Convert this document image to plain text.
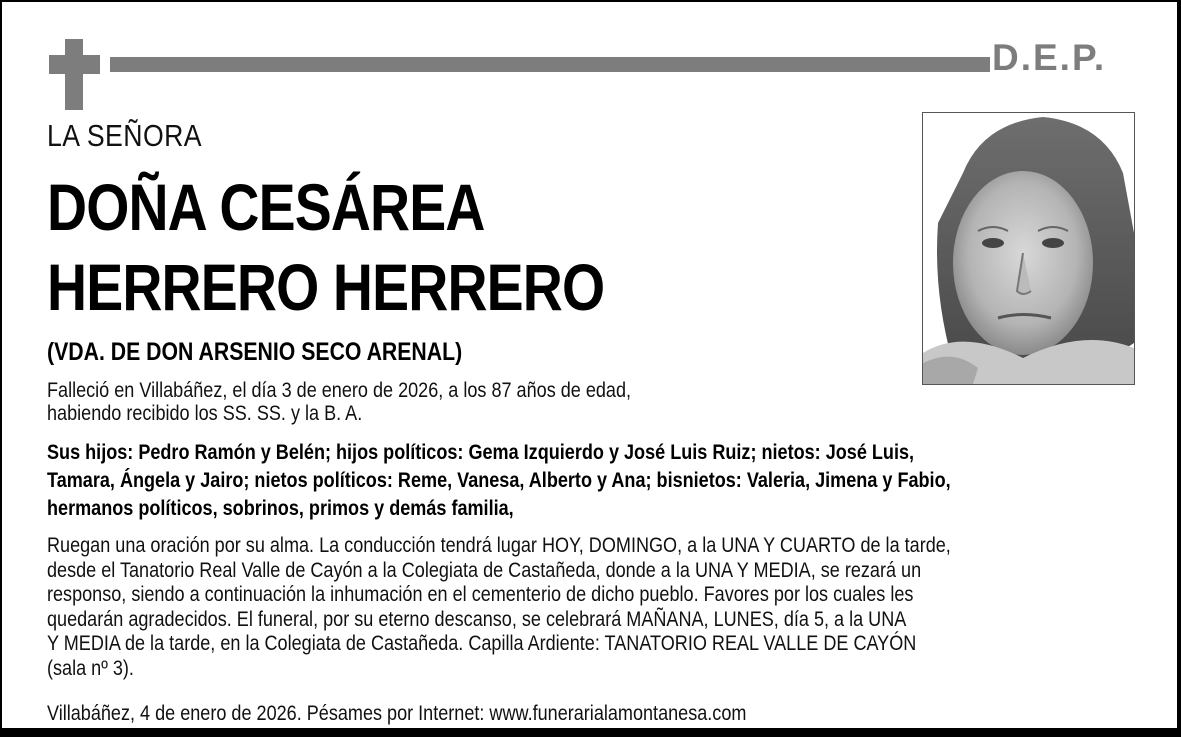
D.E.P.
LA SEÑORA
DOÑA CESÁREA
HERRERO HERRERO
(VDA. DE DON ARSENIO SECO ARENAL)
Falleció en Villabáñez, el día 3 de enero de 2026, a los 87 años de edad,
habiendo recibido los SS. SS. y la B. A.
Sus hijos: Pedro Ramón y Belén; hijos políticos: Gema Izquierdo y José Luis Ruiz; nietos: José Luis,
Tamara, Ángela y Jairo; nietos políticos: Reme, Vanesa, Alberto y Ana; bisnietos: Valeria, Jimena y Fabio,
hermanos políticos, sobrinos, primos y demás familia,
Ruegan una oración por su alma. La conducción tendrá lugar HOY, DOMINGO, a la UNA Y CUARTO de la tarde,
desde el Tanatorio Real Valle de Cayón a la Colegiata de Castañeda, donde a la UNA Y MEDIA, se rezará un
responso, siendo a continuación la inhumación en el cementerio de dicho pueblo. Favores por los cuales les
quedarán agradecidos. El funeral, por su eterno descanso, se celebrará MAÑANA, LUNES, día 5, a la UNA
Y MEDIA de la tarde, en la Colegiata de Castañeda. Capilla Ardiente: TANATORIO REAL VALLE DE CAYÓN
(sala nº 3).
Villabáñez, 4 de enero de 2026. Pésames por Internet: www.funerarialamontanesa.com
